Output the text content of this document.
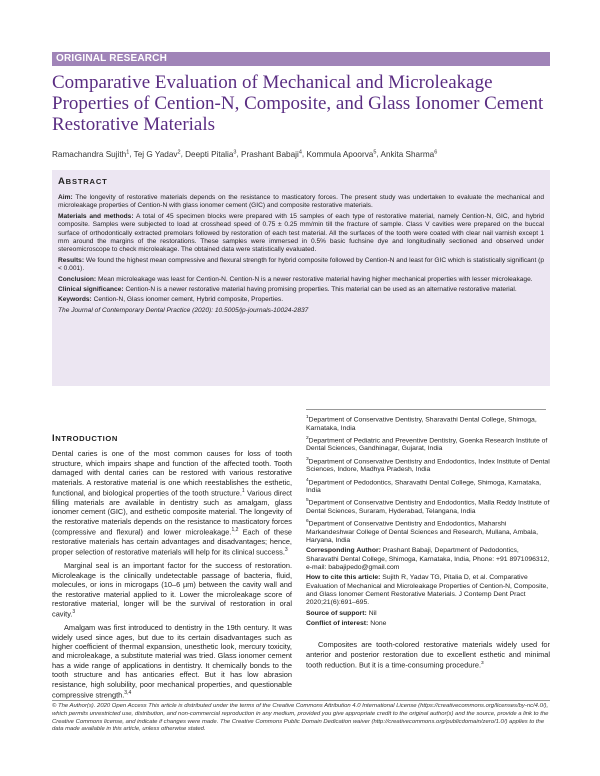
ORIGINAL RESEARCH
Comparative Evaluation of Mechanical and Microleakage Properties of Cention-N, Composite, and Glass Ionomer Cement Restorative Materials
Ramachandra Sujith$^1$, Tej G Yadav$^2$, Deepti Pitalia$^3$, Prashant Babaji$^4$, Kommula Apoorva$^5$, Ankita Sharma$^6$
ABSTRACT

Aim: The longevity of restorative materials depends on the resistance to masticatory forces. The present study was undertaken to evaluate the mechanical and microleakage properties of Cention-N with glass ionomer cement (GIC) and composite restorative materials.

Materials and methods: A total of 45 specimen blocks were prepared with 15 samples of each type of restorative material, namely Cention-N, GIC, and hybrid composite. Samples were subjected to load at crosshead speed of 0.75 ± 0.25 mm/min till the fracture of sample. Class V cavities were prepared on the buccal surface of orthodontically extracted premolars followed by restoration of each test material. All the surfaces of the tooth were coated with clear nail varnish except 1 mm around the margins of the restorations. These samples were immersed in 0.5% basic fuchsine dye and longitudinally sectioned and observed under stereomicroscope to check microleakage. The obtained data were statistically evaluated.

Results: We found the highest mean compressive and flexural strength for hybrid composite followed by Cention-N and least for GIC which is statistically significant (p < 0.001).

Conclusion: Mean microleakage was least for Cention-N. Cention-N is a newer restorative material having higher mechanical properties with lesser microleakage.

Clinical significance: Cention-N is a newer restorative material having promising properties. This material can be used as an alternative restorative material.

Keywords: Cention-N, Glass ionomer cement, Hybrid composite, Properties.

The Journal of Contemporary Dental Practice (2020): 10.5005/jp-journals-10024-2837

INTRODUCTION

Dental caries is one of the most common causes for loss of tooth structure, which impairs shape and function of the affected tooth. Tooth damaged with dental caries can be restored with various restorative materials. A restorative material is one which reestablishes the esthetic, functional, and biological properties of the tooth structure.$^1$ Various direct filling materials are available in dentistry such as amalgam, glass ionomer cement (GIC), and esthetic composite material. The longevity of the restorative materials depends on the resistance to masticatory forces (compressive and flexural) and lower microleakage.$^{1,2}$ Each of these restorative materials has certain advantages and disadvantages; hence, proper selection of restorative materials will help for its clinical success.$^3$

Marginal seal is an important factor for the success of restoration. Microleakage is the clinically undetectable passage of bacteria, fluid, molecules, or ions in microgaps (10–6 µm) between the cavity wall and the restorative material applied to it. Lower the microleakage score of restorative material, longer will be the survival of restoration in oral cavity.$^3$

Amalgam was first introduced to dentistry in the 19th century. It was widely used since ages, but due to its certain disadvantages such as higher coefficient of thermal expansion, unesthetic look, mercury toxicity, and microleakage, a substitute material was tried. Glass ionomer cement has a wide range of applications in dentistry. It chemically bonds to the tooth structure and has anticaries effect. But it has low abrasion resistance, high solubility, poor mechanical properties, and questionable compressive strength.$^{3,4}$

$^1$Department of Conservative Dentistry, Sharavathi Dental College, Shimoga, Karnataka, India

$^2$Department of Pediatric and Preventive Dentistry, Goenka Research Institute of Dental Sciences, Gandhinagar, Gujarat, India

$^3$Department of Conservative Dentistry and Endodontics, Index Institute of Dental Sciences, Indore, Madhya Pradesh, India

$^4$Department of Pedodontics, Sharavathi Dental College, Shimoga, Karnataka, India

$^5$Department of Conservative Dentistry and Endodontics, Malla Reddy Institute of Dental Sciences, Suraram, Hyderabad, Telangana, India

$^6$Department of Conservative Dentistry and Endodontics, Maharshi Markandeshwar College of Dental Sciences and Research, Mullana, Ambala, Haryana, India

Corresponding Author: Prashant Babaji, Department of Pedodontics, Sharavathi Dental College, Shimoga, Karnataka, India, Phone: +91 8971096312, e-mail: babajipedo@gmail.com

How to cite this article: Sujith R, Yadav TG, Pitalia D, et al. Comparative Evaluation of Mechanical and Microleakage Properties of Cention-N, Composite, and Glass Ionomer Cement Restorative Materials. J Contemp Dent Pract 2020;21(6):691–695.

Source of support: Nil

Conflict of interest: None

Composites are tooth-colored restorative materials widely used for anterior and posterior restoration due to excellent esthetic and minimal tooth reduction. But it is a time-consuming procedure.$^3$
© The Author(s). 2020 Open Access This article is distributed under the terms of the Creative Commons Attribution 4.0 International License (https://creativecommons.org/licenses/by-nc/4.0/), which permits unrestricted use, distribution, and non-commercial reproduction in any medium, provided you give appropriate credit to the original author(s) and the source, provide a link to the Creative Commons license, and indicate if changes were made. The Creative Commons Public Domain Dedication waiver (http://creativecommons.org/publicdomain/zero/1.0/) applies to the data made available in this article, unless otherwise stated.
